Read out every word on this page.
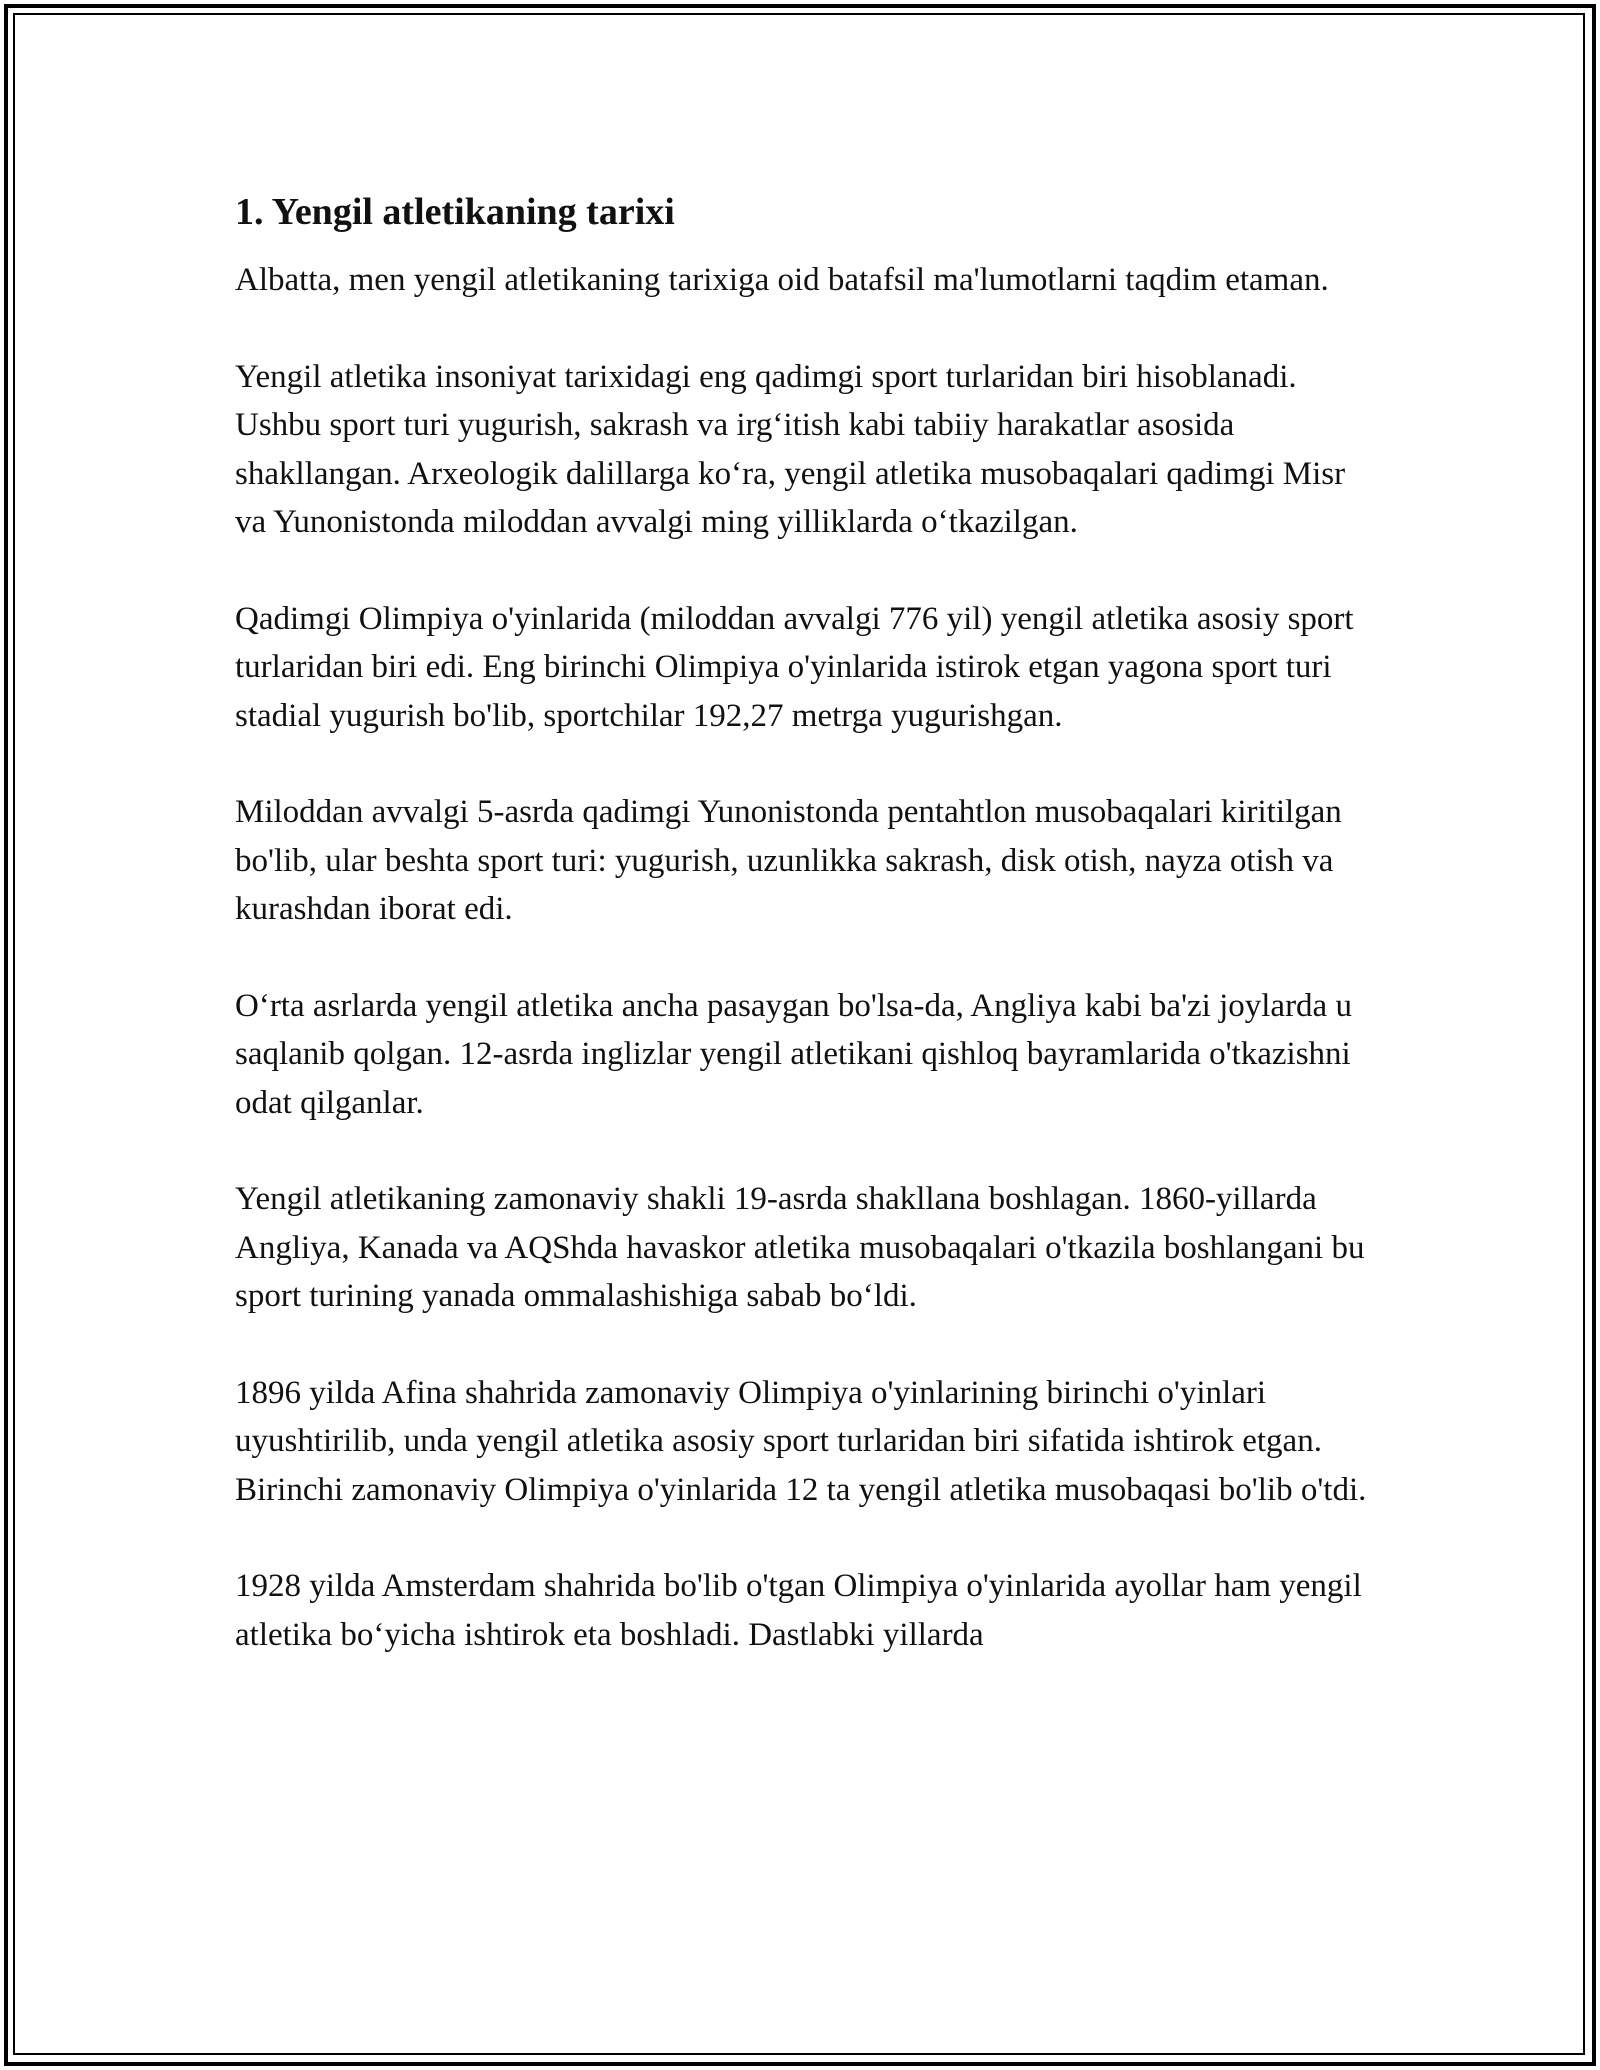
1. Yengil atletikaning tarixi

Albatta, men yengil atletikaning tarixiga oid batafsil ma'lumotlarni taqdim etaman.

Yengil atletika insoniyat tarixidagi eng qadimgi sport turlaridan biri hisoblanadi. Ushbu sport turi yugurish, sakrash va irg‘itish kabi tabiiy harakatlar asosida shakllangan. Arxeologik dalillarga ko‘ra, yengil atletika musobaqalari qadimgi Misr va Yunonistonda miloddan avvalgi ming yilliklarda o‘tkazilgan.

Qadimgi Olimpiya o'yinlarida (miloddan avvalgi 776 yil) yengil atletika asosiy sport turlaridan biri edi. Eng birinchi Olimpiya o'yinlarida istirok etgan yagona sport turi stadial yugurish bo'lib, sportchilar 192,27 metrga yugurishgan.

Miloddan avvalgi 5-asrda qadimgi Yunonistonda pentahtlon musobaqalari kiritilgan bo'lib, ular beshta sport turi: yugurish, uzunlikka sakrash, disk otish, nayza otish va kurashdan iborat edi.

O‘rta asrlarda yengil atletika ancha pasaygan bo'lsa-da, Angliya kabi ba'zi joylarda u saqlanib qolgan. 12-asrda inglizlar yengil atletikani qishloq bayramlarida o'tkazishni odat qilganlar.

Yengil atletikaning zamonaviy shakli 19-asrda shakllana boshlagan. 1860-yillarda Angliya, Kanada va AQShda havaskor atletika musobaqalari o'tkazila boshlangani bu sport turining yanada ommalashishiga sabab bo‘ldi.

1896 yilda Afina shahrida zamonaviy Olimpiya o'yinlarining birinchi o'yinlari uyushtirilib, unda yengil atletika asosiy sport turlaridan biri sifatida ishtirok etgan. Birinchi zamonaviy Olimpiya o'yinlarida 12 ta yengil atletika musobaqasi bo'lib o'tdi.

1928 yilda Amsterdam shahrida bo'lib o'tgan Olimpiya o'yinlarida ayollar ham yengil atletika bo‘yicha ishtirok eta boshladi. Dastlabki yillarda
